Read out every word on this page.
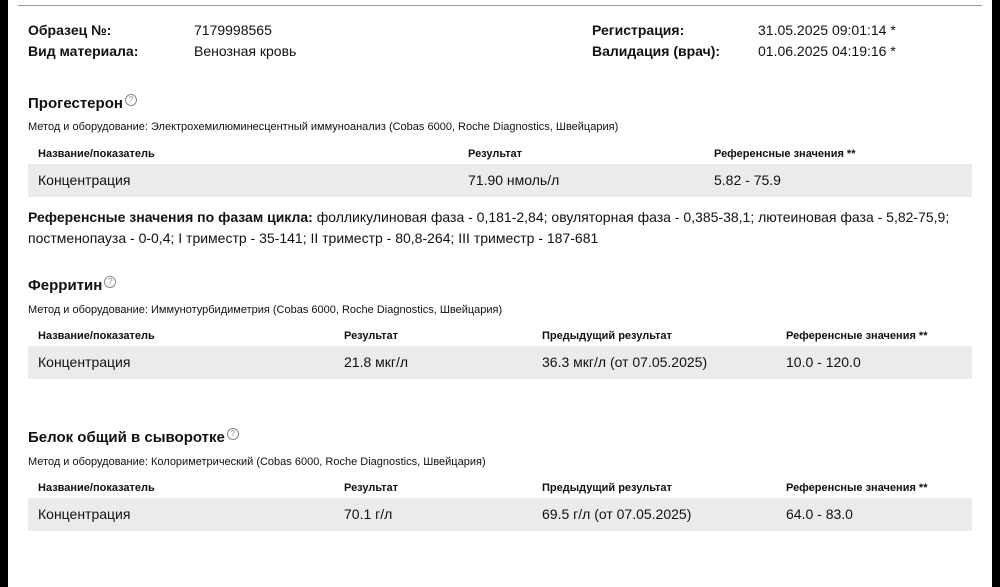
Образец №:	7179998565
Вид материала:	Венозная кровь
Регистрация:	31.05.2025 09:01:14 *
Валидация (врач):	01.06.2025 04:19:16 *
Прогестерон ?
Метод и оборудование: Электрохемилюминесцентный иммуноанализ (Cobas 6000, Roche Diagnostics, Швейцария)
Название/показатель	Результат	Референсные значения **
Концентрация	71.90 нмоль/л	5.82 - 75.9
Референсные значения по фазам цикла: фолликулиновая фаза - 0,181-2,84; овуляторная фаза - 0,385-38,1; лютеиновая фаза - 5,82-75,9; постменопауза - 0-0,4; I триместр - 35-141; II триместр - 80,8-264; III триместр - 187-681
Ферритин ?
Метод и оборудование: Иммунотурбидиметрия (Cobas 6000, Roche Diagnostics, Швейцария)
Название/показатель	Результат	Предыдущий результат	Референсные значения **
Концентрация	21.8 мкг/л	36.3 мкг/л (от 07.05.2025)	10.0 - 120.0
Белок общий в сыворотке ?
Метод и оборудование: Колориметрический (Cobas 6000, Roche Diagnostics, Швейцария)
Название/показатель	Результат	Предыдущий результат	Референсные значения **
Концентрация	70.1 г/л	69.5 г/л (от 07.05.2025)	64.0 - 83.0
